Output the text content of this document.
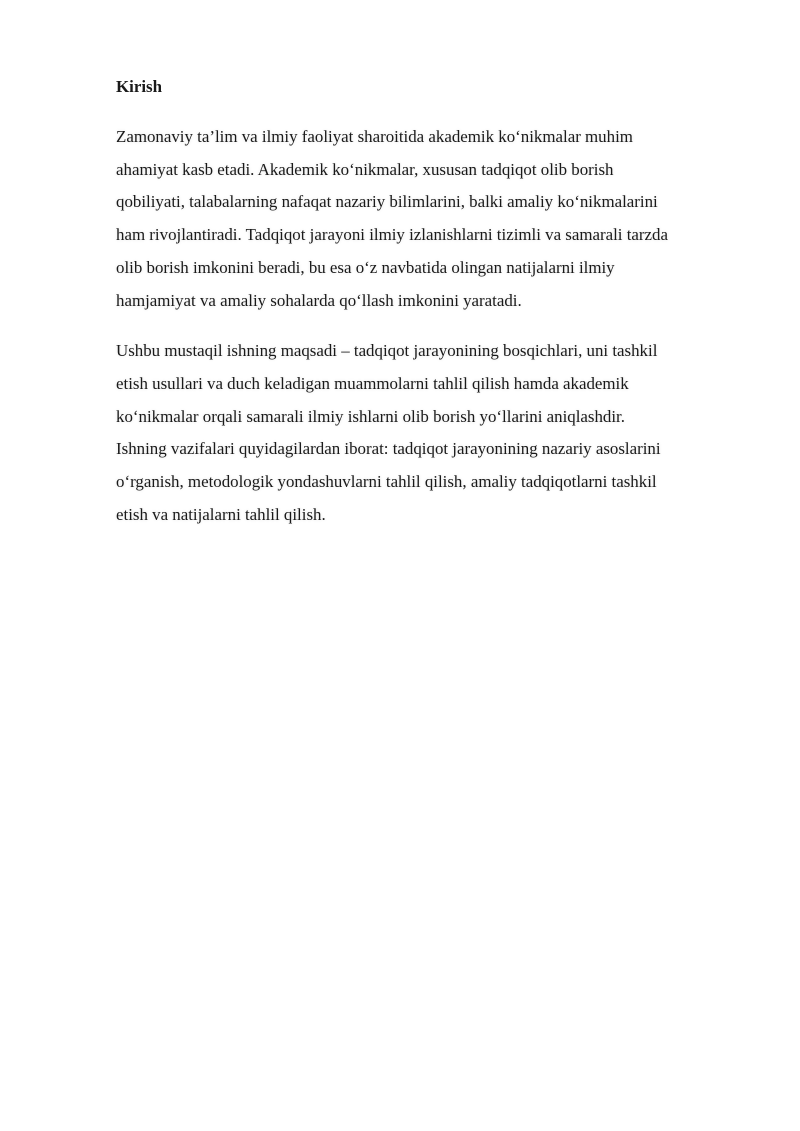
Kirish

Zamonaviy ta’lim va ilmiy faoliyat sharoitida akademik ko‘nikmalar muhim
ahamiyat kasb etadi. Akademik ko‘nikmalar, xususan tadqiqot olib borish
qobiliyati, talabalarning nafaqat nazariy bilimlarini, balki amaliy ko‘nikmalarini
ham rivojlantiradi. Tadqiqot jarayoni ilmiy izlanishlarni tizimli va samarali tarzda
olib borish imkonini beradi, bu esa o‘z navbatida olingan natijalarni ilmiy
hamjamiyat va amaliy sohalarda qo‘llash imkonini yaratadi.

Ushbu mustaqil ishning maqsadi – tadqiqot jarayonining bosqichlari, uni tashkil
etish usullari va duch keladigan muammolarni tahlil qilish hamda akademik
ko‘nikmalar orqali samarali ilmiy ishlarni olib borish yo‘llarini aniqlashdir.
Ishning vazifalari quyidagilardan iborat: tadqiqot jarayonining nazariy asoslarini
o‘rganish, metodologik yondashuvlarni tahlil qilish, amaliy tadqiqotlarni tashkil
etish va natijalarni tahlil qilish.
